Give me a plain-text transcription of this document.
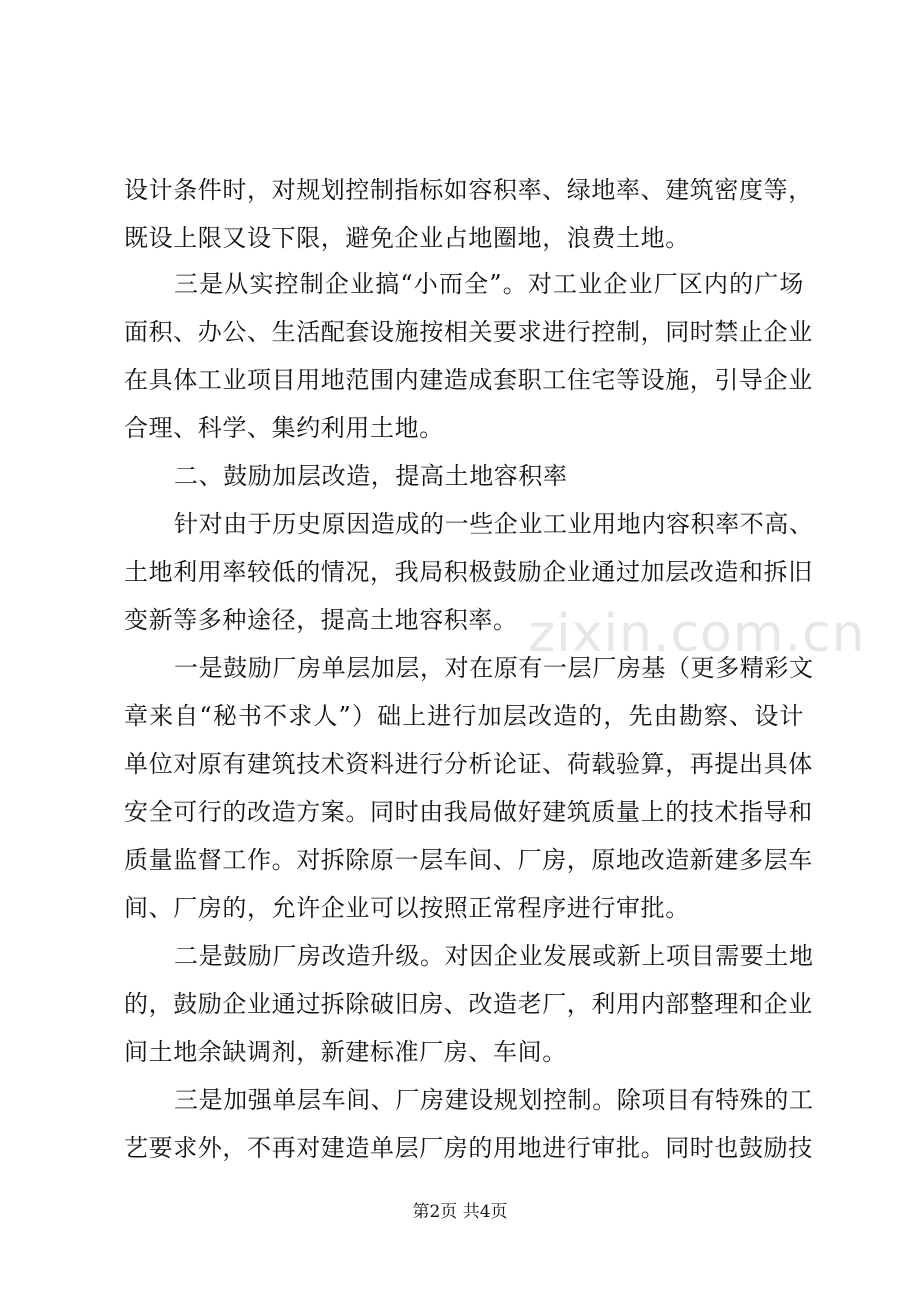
zixin.com.cn
设计条件时，对规划控制指标如容积率、绿地率、建筑密度等，
既设上限又设下限，避免企业占地圈地，浪费土地。
三是从实控制企业搞“小而全”。对工业企业厂区内的广场
面积、办公、生活配套设施按相关要求进行控制，同时禁止企业
在具体工业项目用地范围内建造成套职工住宅等设施，引导企业
合理、科学、集约利用土地。
二、鼓励加层改造，提高土地容积率
针对由于历史原因造成的一些企业工业用地内容积率不高、
土地利用率较低的情况，我局积极鼓励企业通过加层改造和拆旧
变新等多种途径，提高土地容积率。
一是鼓励厂房单层加层，对在原有一层厂房基（更多精彩文
章来自“秘书不求人”）础上进行加层改造的，先由勘察、设计
单位对原有建筑技术资料进行分析论证、荷载验算，再提出具体
安全可行的改造方案。同时由我局做好建筑质量上的技术指导和
质量监督工作。对拆除原一层车间、厂房，原地改造新建多层车
间、厂房的，允许企业可以按照正常程序进行审批。
二是鼓励厂房改造升级。对因企业发展或新上项目需要土地
的，鼓励企业通过拆除破旧房、改造老厂，利用内部整理和企业
间土地余缺调剂，新建标准厂房、车间。
三是加强单层车间、厂房建设规划控制。除项目有特殊的工
艺要求外，不再对建造单层厂房的用地进行审批。同时也鼓励技
第2页 共4页
